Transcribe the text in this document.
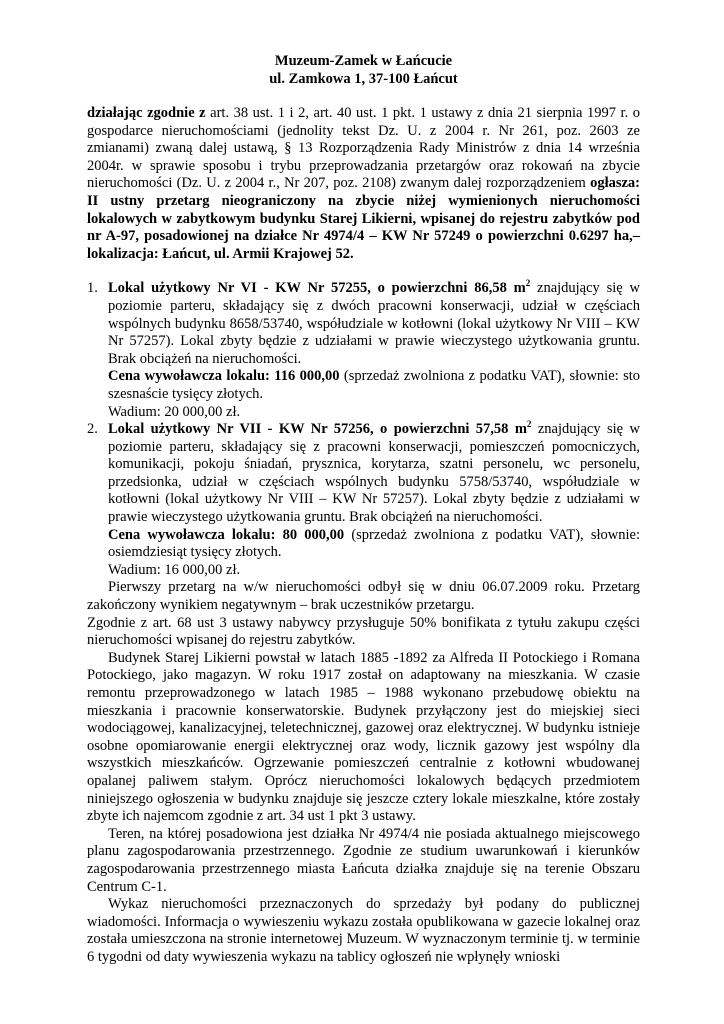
Muzeum-Zamek w Łańcucie
ul. Zamkowa 1, 37-100 Łańcut

działając zgodnie z art. 38 ust. 1 i 2, art. 40 ust. 1 pkt. 1 ustawy z dnia 21 sierpnia 1997 r. o gospodarce nieruchomościami (jednolity tekst Dz. U. z 2004 r. Nr 261, poz. 2603 ze zmianami) zwaną dalej ustawą, § 13 Rozporządzenia Rady Ministrów z dnia 14 września 2004r. w sprawie sposobu i trybu przeprowadzania przetargów oraz rokowań na zbycie nieruchomości (Dz. U. z 2004 r., Nr 207, poz. 2108) zwanym dalej rozporządzeniem ogłasza: II ustny przetarg nieograniczony na zbycie niżej wymienionych nieruchomości lokalowych w zabytkowym budynku Starej Likierni, wpisanej do rejestru zabytków pod nr A-97, posadowionej na działce Nr 4974/4 – KW Nr 57249 o powierzchni 0.6297 ha,– lokalizacja: Łańcut, ul. Armii Krajowej 52.

1. Lokal użytkowy Nr VI - KW Nr 57255, o powierzchni 86,58 $m^2$ znajdujący się w poziomie parteru, składający się z dwóch pracowni konserwacji, udział w częściach wspólnych budynku 8658/53740, współudziale w kotłowni (lokal użytkowy Nr VIII – KW Nr 57257). Lokal zbyty będzie z udziałami w prawie wieczystego użytkowania gruntu. Brak obciążeń na nieruchomości.

Cena wywoławcza lokalu: 116 000,00 (sprzedaż zwolniona z podatku VAT), słownie: sto szesnaście tysięcy złotych.

Wadium: 20 000,00 zł.

2. Lokal użytkowy Nr VII - KW Nr 57256, o powierzchni 57,58 $m^2$ znajdujący się w poziomie parteru, składający się z pracowni konserwacji, pomieszczeń pomocniczych, komunikacji, pokoju śniadań, prysznica, korytarza, szatni personelu, wc personelu, przedsionka, udział w częściach wspólnych budynku 5758/53740, współudziale w kotłowni (lokal użytkowy Nr VIII – KW Nr 57257). Lokal zbyty będzie z udziałami w prawie wieczystego użytkowania gruntu. Brak obciążeń na nieruchomości.

Cena wywoławcza lokalu: 80 000,00 (sprzedaż zwolniona z podatku VAT), słownie: osiemdziesiąt tysięcy złotych.

Wadium: 16 000,00 zł.

Pierwszy przetarg na w/w nieruchomości odbył się w dniu 06.07.2009 roku. Przetarg zakończony wynikiem negatywnym – brak uczestników przetargu.

Zgodnie z art. 68 ust 3 ustawy nabywcy przysługuje 50% bonifikata z tytułu zakupu części nieruchomości wpisanej do rejestru zabytków.

Budynek Starej Likierni powstał w latach 1885 -1892 za Alfreda II Potockiego i Romana Potockiego, jako magazyn. W roku 1917 został on adaptowany na mieszkania. W czasie remontu przeprowadzonego w latach 1985 – 1988 wykonano przebudowę obiektu na mieszkania i pracownie konserwatorskie. Budynek przyłączony jest do miejskiej sieci wodociągowej, kanalizacyjnej, teletechnicznej, gazowej oraz elektrycznej. W budynku istnieje osobne opomiarowanie energii elektrycznej oraz wody, licznik gazowy jest wspólny dla wszystkich mieszkańców. Ogrzewanie pomieszczeń centralnie z kotłowni wbudowanej opalanej paliwem stałym. Oprócz nieruchomości lokalowych będących przedmiotem niniejszego ogłoszenia w budynku znajduje się jeszcze cztery lokale mieszkalne, które zostały zbyte ich najemcom zgodnie z art. 34 ust 1 pkt 3 ustawy.

Teren, na której posadowiona jest działka Nr 4974/4 nie posiada aktualnego miejscowego planu zagospodarowania przestrzennego. Zgodnie ze studium uwarunkowań i kierunków zagospodarowania przestrzennego miasta Łańcuta działka znajduje się na terenie Obszaru Centrum C-1.

Wykaz nieruchomości przeznaczonych do sprzedaży był podany do publicznej wiadomości. Informacja o wywieszeniu wykazu została opublikowana w gazecie lokalnej oraz została umieszczona na stronie internetowej Muzeum. W wyznaczonym terminie tj. w terminie 6 tygodni od daty wywieszenia wykazu na tablicy ogłoszeń nie wpłynęły wnioski
